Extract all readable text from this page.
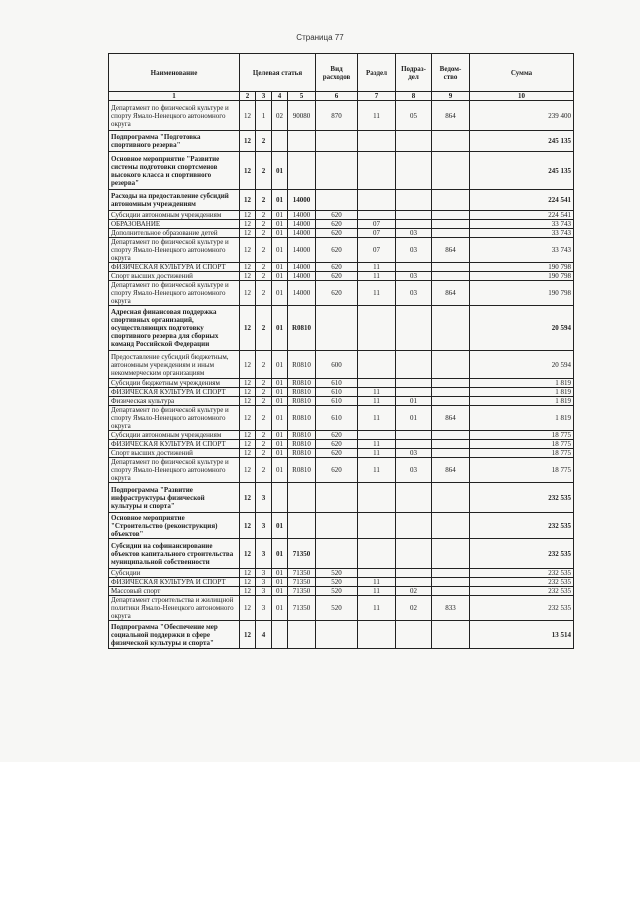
Страница 77
Наименование	Целевая статья				Вид расходов	Раздел	Подраз-дел	Ведом-ство	Сумма
1	2	3	4	5	6	7	8	9	10
Департамент по физической культуре и спорту Ямало-Ненецкого автономного округа	12	1	02	90080	870	11	05	864	239 400
Подпрограмма "Подготовка спортивного резерва"	12	2							245 135
Основное мероприятие "Развитие системы подготовки спортсменов высокого класса и спортивного резерва"	12	2	01						245 135
Расходы на предоставление субсидий автономным учреждениям	12	2	01	14000					224 541
Субсидии автономным учреждениям	12	2	01	14000	620				224 541
ОБРАЗОВАНИЕ	12	2	01	14000	620	07			33 743
Дополнительное образование детей	12	2	01	14000	620	07	03		33 743
Департамент по физической культуре и спорту Ямало-Ненецкого автономного округа	12	2	01	14000	620	07	03	864	33 743
ФИЗИЧЕСКАЯ КУЛЬТУРА И СПОРТ	12	2	01	14000	620	11			190 798
Спорт высших достижений	12	2	01	14000	620	11	03		190 798
Департамент по физической культуре и спорту Ямало-Ненецкого автономного округа	12	2	01	14000	620	11	03	864	190 798
Адресная финансовая поддержка спортивных организаций, осуществляющих подготовку спортивного резерва для сборных команд Российской Федерации	12	2	01	R0810					20 594
Предоставление субсидий бюджетным, автономным учреждениям и иным некоммерческим организациям	12	2	01	R0810	600				20 594
Субсидии бюджетным учреждениям	12	2	01	R0810	610				1 819
ФИЗИЧЕСКАЯ КУЛЬТУРА И СПОРТ	12	2	01	R0810	610	11			1 819
Физическая культура	12	2	01	R0810	610	11	01		1 819
Департамент по физической культуре и спорту Ямало-Ненецкого автономного округа	12	2	01	R0810	610	11	01	864	1 819
Субсидии автономным учреждениям	12	2	01	R0810	620				18 775
ФИЗИЧЕСКАЯ КУЛЬТУРА И СПОРТ	12	2	01	R0810	620	11			18 775
Спорт высших достижений	12	2	01	R0810	620	11	03		18 775
Департамент по физической культуре и спорту Ямало-Ненецкого автономного округа	12	2	01	R0810	620	11	03	864	18 775
Подпрограмма "Развитие инфраструктуры физической культуры и спорта"	12	3							232 535
Основное мероприятие "Строительство (реконструкция) объектов"	12	3	01						232 535
Субсидии на софинансирование объектов капитального строительства муниципальной собственности	12	3	01	71350					232 535
Субсидии	12	3	01	71350	520				232 535
ФИЗИЧЕСКАЯ КУЛЬТУРА И СПОРТ	12	3	01	71350	520	11			232 535
Массовый спорт	12	3	01	71350	520	11	02		232 535
Департамент строительства и жилищной политики Ямало-Ненецкого автономного округа	12	3	01	71350	520	11	02	833	232 535
Подпрограмма "Обеспечение мер социальной поддержки в сфере физической культуры и спорта"	12	4							13 514
